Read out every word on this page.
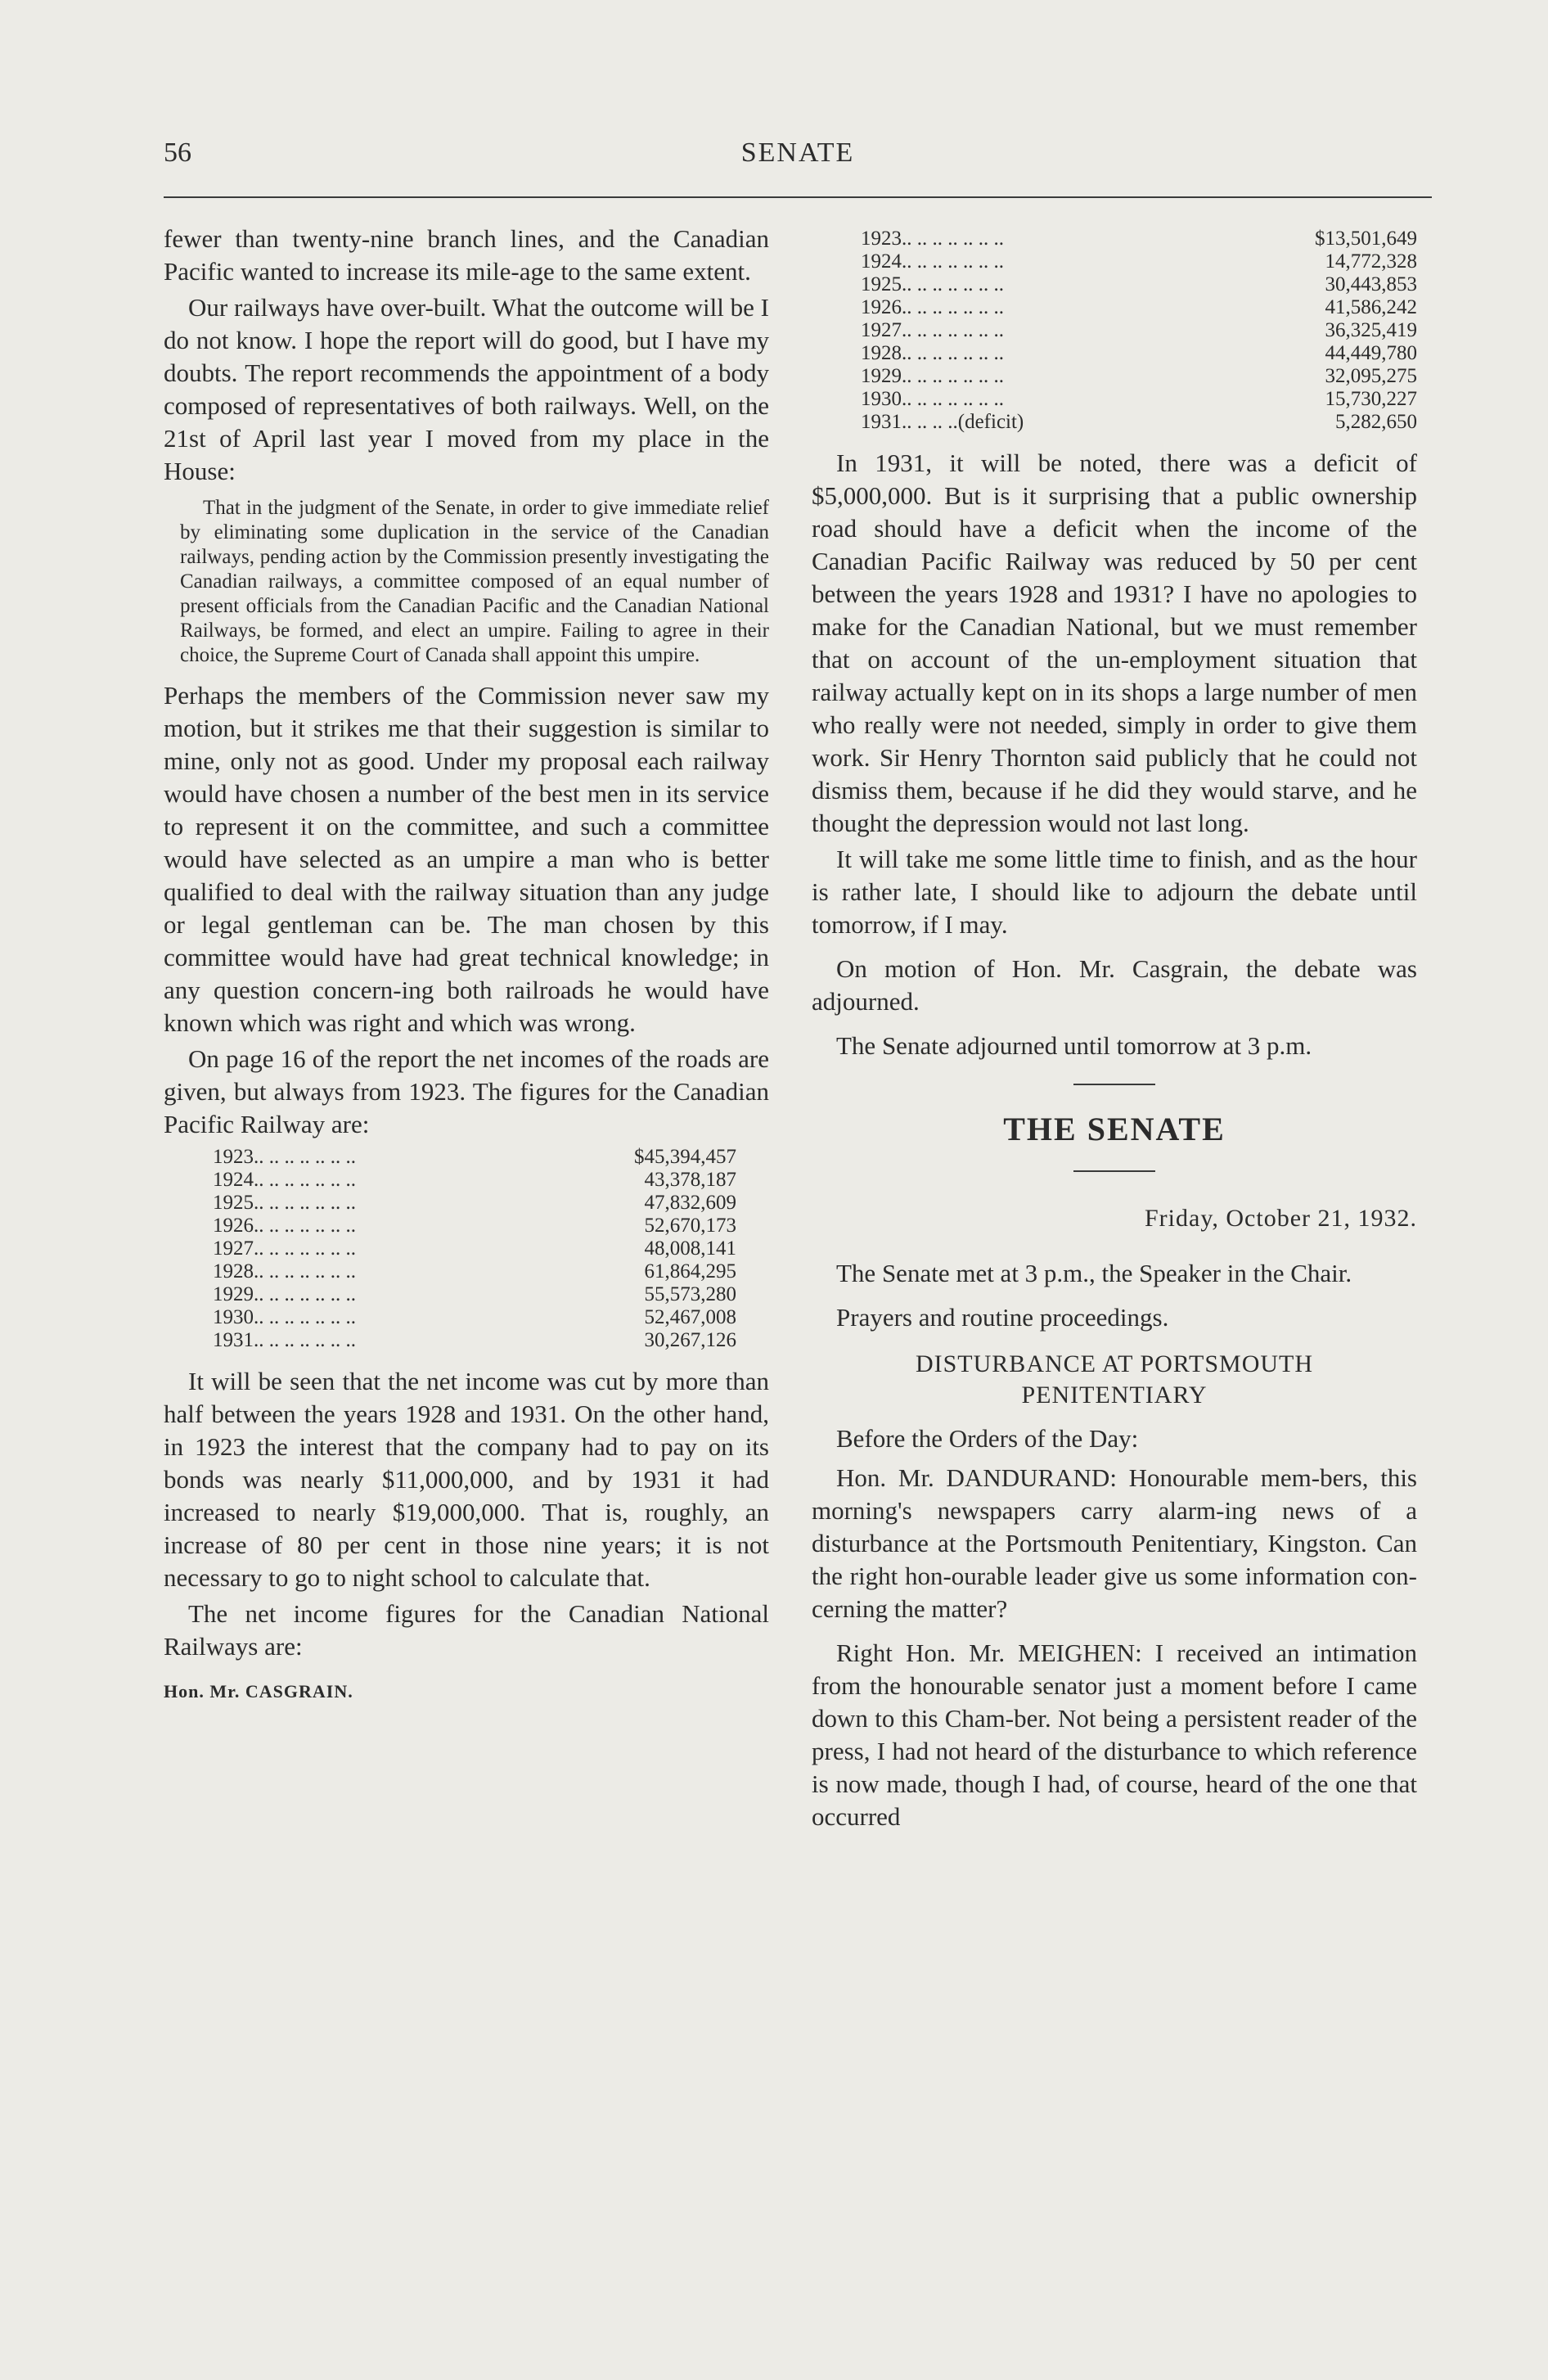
56	SENATE

fewer than twenty-nine branch lines, and the Canadian Pacific wanted to increase its mile-age to the same extent.

Our railways have over-built. What the outcome will be I do not know. I hope the report will do good, but I have my doubts. The report recommends the appointment of a body composed of representatives of both railways. Well, on the 21st of April last year I moved from my place in the House:

That in the judgment of the Senate, in order to give immediate relief by eliminating some duplication in the service of the Canadian railways, pending action by the Commission presently investigating the Canadian railways, a committee composed of an equal number of present officials from the Canadian Pacific and the Canadian National Railways, be formed, and elect an umpire. Failing to agree in their choice, the Supreme Court of Canada shall appoint this umpire.

Perhaps the members of the Commission never saw my motion, but it strikes me that their suggestion is similar to mine, only not as good. Under my proposal each railway would have chosen a number of the best men in its service to represent it on the committee, and such a committee would have selected as an umpire a man who is better qualified to deal with the railway situation than any judge or legal gentleman can be. The man chosen by this committee would have had great technical knowledge; in any question concern-ing both railroads he would have known which was right and which was wrong.

On page 16 of the report the net incomes of the roads are given, but always from 1923. The figures for the Canadian Pacific Railway are:

1923.. .. .. .. .. .. ..	$45,394,457
1924.. .. .. .. .. .. ..	43,378,187
1925.. .. .. .. .. .. ..	47,832,609
1926.. .. .. .. .. .. ..	52,670,173
1927.. .. .. .. .. .. ..	48,008,141
1928.. .. .. .. .. .. ..	61,864,295
1929.. .. .. .. .. .. ..	55,573,280
1930.. .. .. .. .. .. ..	52,467,008
1931.. .. .. .. .. .. ..	30,267,126

It will be seen that the net income was cut by more than half between the years 1928 and 1931. On the other hand, in 1923 the interest that the company had to pay on its bonds was nearly $11,000,000, and by 1931 it had increased to nearly $19,000,000. That is, roughly, an increase of 80 per cent in those nine years; it is not necessary to go to night school to calculate that.

The net income figures for the Canadian National Railways are:

Hon. Mr. CASGRAIN.
1923.. .. .. .. .. .. ..	$13,501,649
1924.. .. .. .. .. .. ..	14,772,328
1925.. .. .. .. .. .. ..	30,443,853
1926.. .. .. .. .. .. ..	41,586,242
1927.. .. .. .. .. .. ..	36,325,419
1928.. .. .. .. .. .. ..	44,449,780
1929.. .. .. .. .. .. ..	32,095,275
1930.. .. .. .. .. .. ..	15,730,227
1931.. .. .. ..(deficit)	5,282,650

In 1931, it will be noted, there was a deficit of $5,000,000. But is it surprising that a public ownership road should have a deficit when the income of the Canadian Pacific Railway was reduced by 50 per cent between the years 1928 and 1931? I have no apologies to make for the Canadian National, but we must remember that on account of the un-employment situation that railway actually kept on in its shops a large number of men who really were not needed, simply in order to give them work. Sir Henry Thornton said publicly that he could not dismiss them, because if he did they would starve, and he thought the depression would not last long.

It will take me some little time to finish, and as the hour is rather late, I should like to adjourn the debate until tomorrow, if I may.

On motion of Hon. Mr. Casgrain, the debate was adjourned.

The Senate adjourned until tomorrow at 3 p.m.

THE SENATE
Friday, October 21, 1932.

The Senate met at 3 p.m., the Speaker in the Chair.

Prayers and routine proceedings.

DISTURBANCE AT PORTSMOUTH
PENITENTIARY

Before the Orders of the Day:

Hon. Mr. DANDURAND: Honourable mem-bers, this morning's newspapers carry alarm-ing news of a disturbance at the Portsmouth Penitentiary, Kingston. Can the right hon-ourable leader give us some information con-cerning the matter?

Right Hon. Mr. MEIGHEN: I received an intimation from the honourable senator just a moment before I came down to this Cham-ber. Not being a persistent reader of the press, I had not heard of the disturbance to which reference is now made, though I had, of course, heard of the one that occurred
